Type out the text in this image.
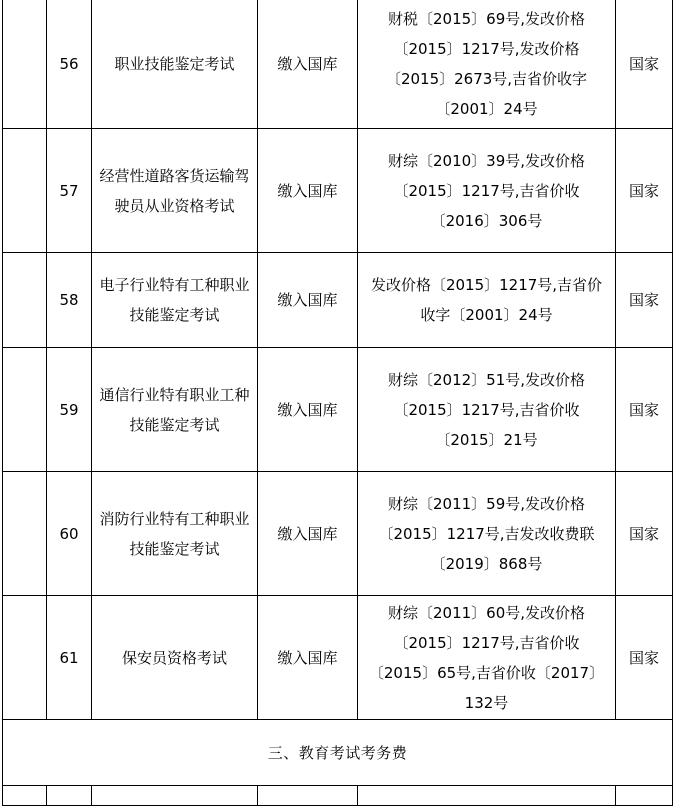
	56	职业技能鉴定考试	缴入国库	财税〔2015〕69号,发改价格〔2015〕1217号,发改价格〔2015〕2673号,吉省价收字〔2001〕24号	国家
	57	经营性道路客货运输驾驶员从业资格考试	缴入国库	财综〔2010〕39号,发改价格〔2015〕1217号,吉省价收〔2016〕306号	国家
	58	电子行业特有工种职业技能鉴定考试	缴入国库	发改价格〔2015〕1217号,吉省价收字〔2001〕24号	国家
	59	通信行业特有职业工种技能鉴定考试	缴入国库	财综〔2012〕51号,发改价格〔2015〕1217号,吉省价收〔2015〕21号	国家
	60	消防行业特有工种职业技能鉴定考试	缴入国库	财综〔2011〕59号,发改价格〔2015〕1217号,吉发改收费联〔2019〕868号	国家
	61	保安员资格考试	缴入国库	财综〔2011〕60号,发改价格〔2015〕1217号,吉省价收〔2015〕65号,吉省价收〔2017〕132号	国家
三、教育考试考务费					
